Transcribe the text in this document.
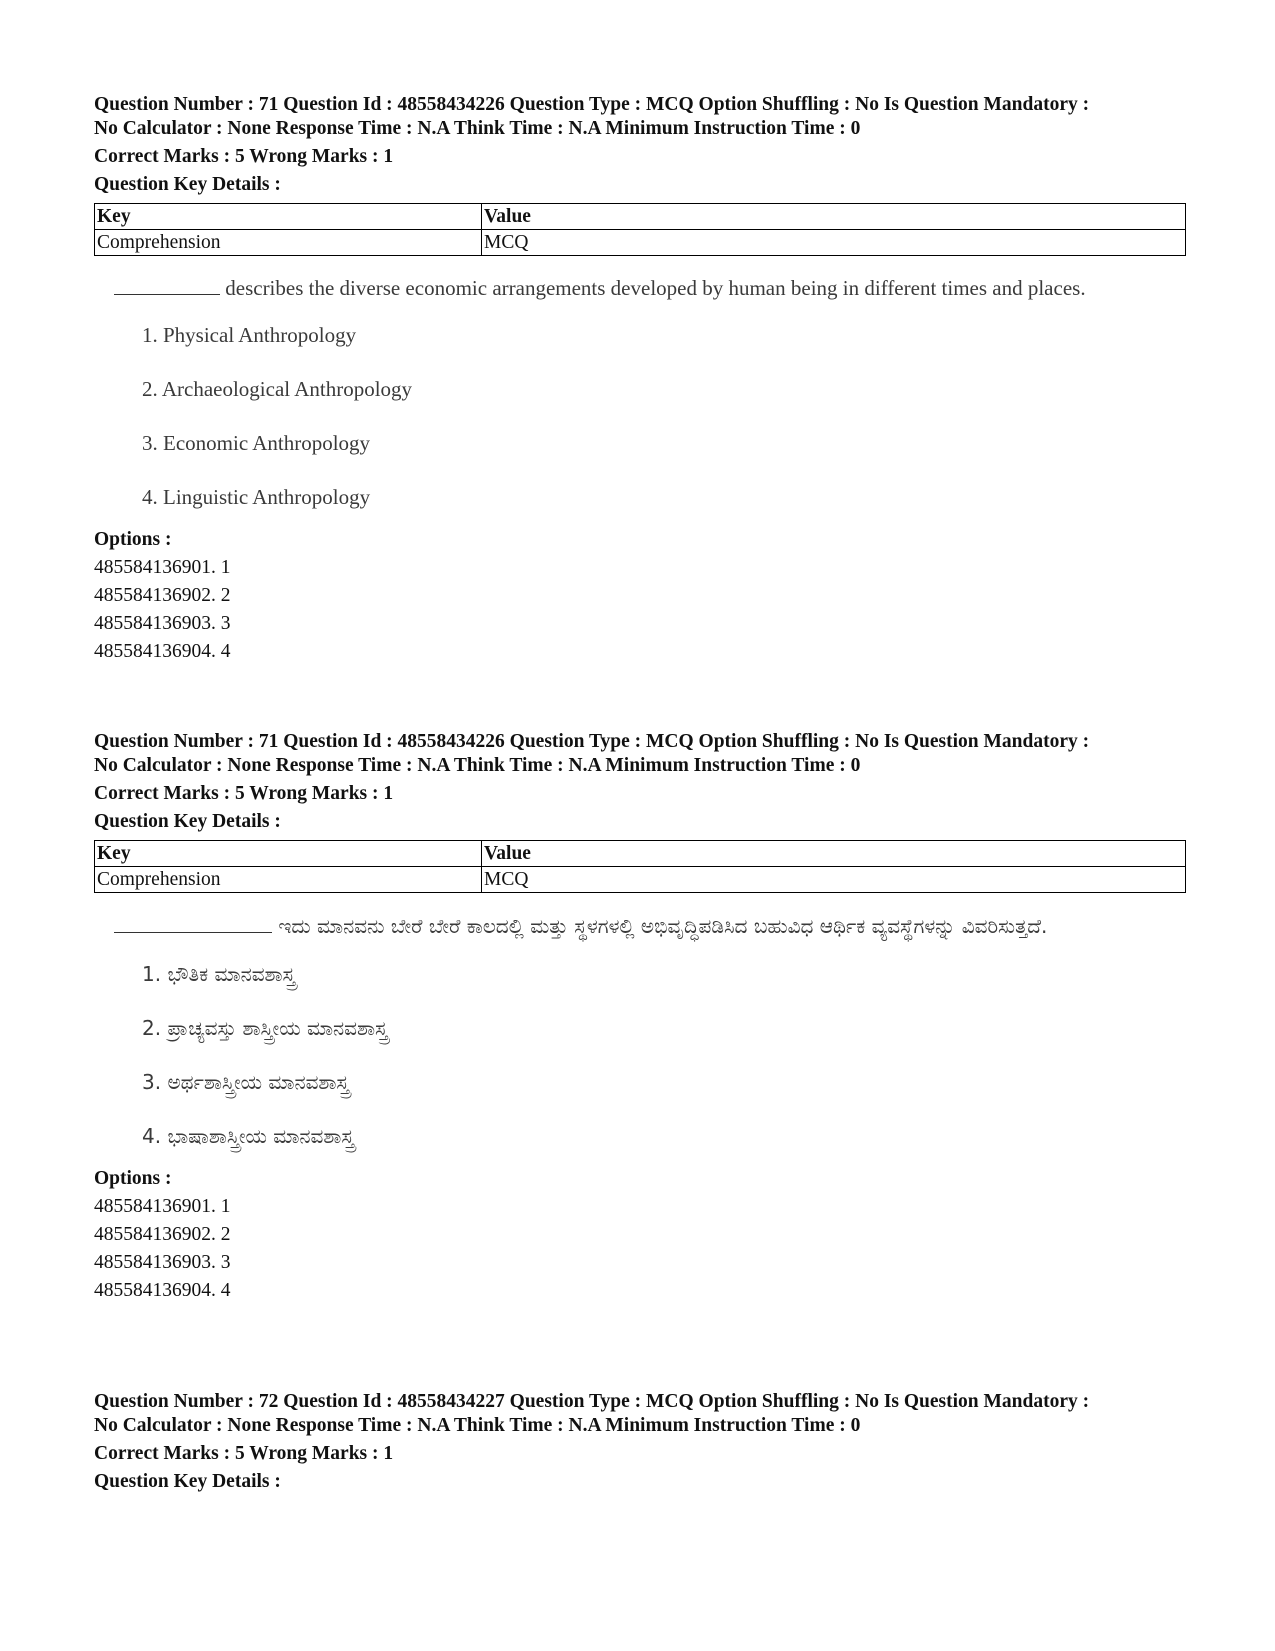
Question Number : 71 Question Id : 48558434226 Question Type : MCQ Option Shuffling : No Is Question Mandatory :

No Calculator : None Response Time : N.A Think Time : N.A Minimum Instruction Time : 0

Correct Marks : 5 Wrong Marks : 1
Question Key Details :
Key	Value
Comprehension	MCQ
describes the diverse economic arrangements developed by human being in different times and places.
1. Physical Anthropology
2. Archaeological Anthropology
3. Economic Anthropology
4. Linguistic Anthropology
Options :
485584136901. 1
485584136902. 2
485584136903. 3
485584136904. 4

Question Number : 71 Question Id : 48558434226 Question Type : MCQ Option Shuffling : No Is Question Mandatory :

No Calculator : None Response Time : N.A Think Time : N.A Minimum Instruction Time : 0

Correct Marks : 5 Wrong Marks : 1
Question Key Details :
Key	Value
Comprehension	MCQ
ಇದು ಮಾನವನು ಬೇರೆ ಬೇರೆ ಕಾಲದಲ್ಲಿ ಮತ್ತು ಸ್ಥಳಗಳಲ್ಲಿ ಅಭಿವೃದ್ಧಿಪಡಿಸಿದ ಬಹುವಿಧ ಆರ್ಥಿಕ ವ್ಯವಸ್ಥೆಗಳನ್ನು ವಿವರಿಸುತ್ತದೆ.
1. ಭೌತಿಕ ಮಾನವಶಾಸ್ತ್ರ
2. ಪ್ರಾಚ್ಯವಸ್ತು ಶಾಸ್ತ್ರೀಯ ಮಾನವಶಾಸ್ತ್ರ
3. ಅರ್ಥಶಾಸ್ತ್ರೀಯ ಮಾನವಶಾಸ್ತ್ರ
4. ಭಾಷಾಶಾಸ್ತ್ರೀಯ ಮಾನವಶಾಸ್ತ್ರ
Options :
485584136901. 1
485584136902. 2
485584136903. 3
485584136904. 4

Question Number : 72 Question Id : 48558434227 Question Type : MCQ Option Shuffling : No Is Question Mandatory :

No Calculator : None Response Time : N.A Think Time : N.A Minimum Instruction Time : 0

Correct Marks : 5 Wrong Marks : 1
Question Key Details :
